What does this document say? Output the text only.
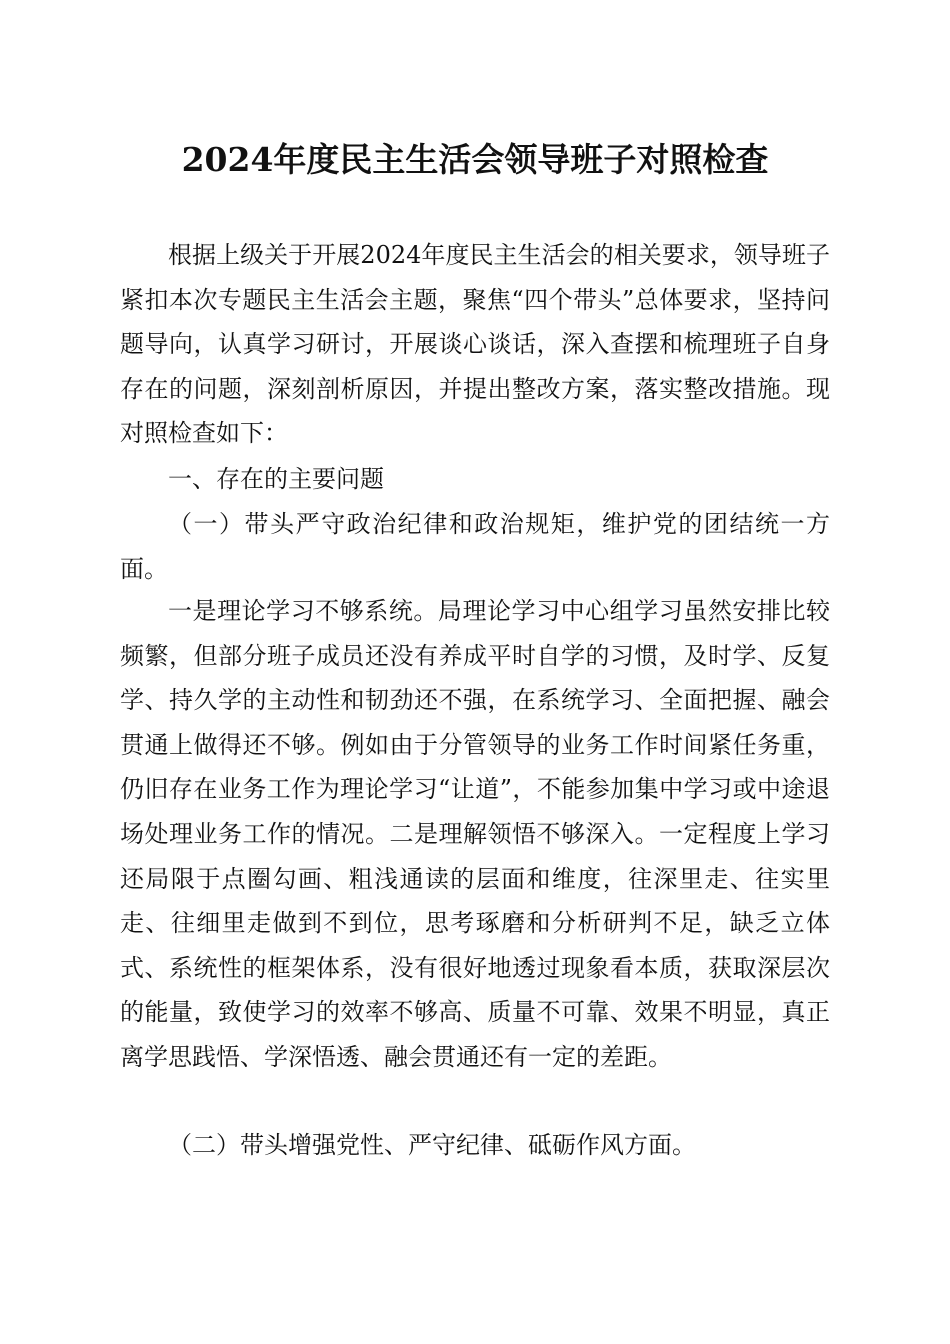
2024年度民主生活会领导班子对照检查

根据上级关于开展2024年度民主生活会的相关要求，领导班子紧扣本次专题民主生活会主题，聚焦“四个带头”总体要求，坚持问题导向，认真学习研讨，开展谈心谈话，深入查摆和梳理班子自身存在的问题，深刻剖析原因，并提出整改方案，落实整改措施。现对照检查如下：

一、存在的主要问题

（一）带头严守政治纪律和政治规矩，维护党的团结统一方面。

一是理论学习不够系统。局理论学习中心组学习虽然安排比较频繁，但部分班子成员还没有养成平时自学的习惯，及时学、反复学、持久学的主动性和韧劲还不强，在系统学习、全面把握、融会贯通上做得还不够。例如由于分管领导的业务工作时间紧任务重，仍旧存在业务工作为理论学习“让道”，不能参加集中学习或中途退场处理业务工作的情况。二是理解领悟不够深入。一定程度上学习还局限于点圈勾画、粗浅通读的层面和维度，往深里走、往实里走、往细里走做到不到位，思考琢磨和分析研判不足，缺乏立体式、系统性的框架体系，没有很好地透过现象看本质，获取深层次的能量，致使学习的效率不够高、质量不可靠、效果不明显，真正离学思践悟、学深悟透、融会贯通还有一定的差距。

（二）带头增强党性、严守纪律、砥砺作风方面。
